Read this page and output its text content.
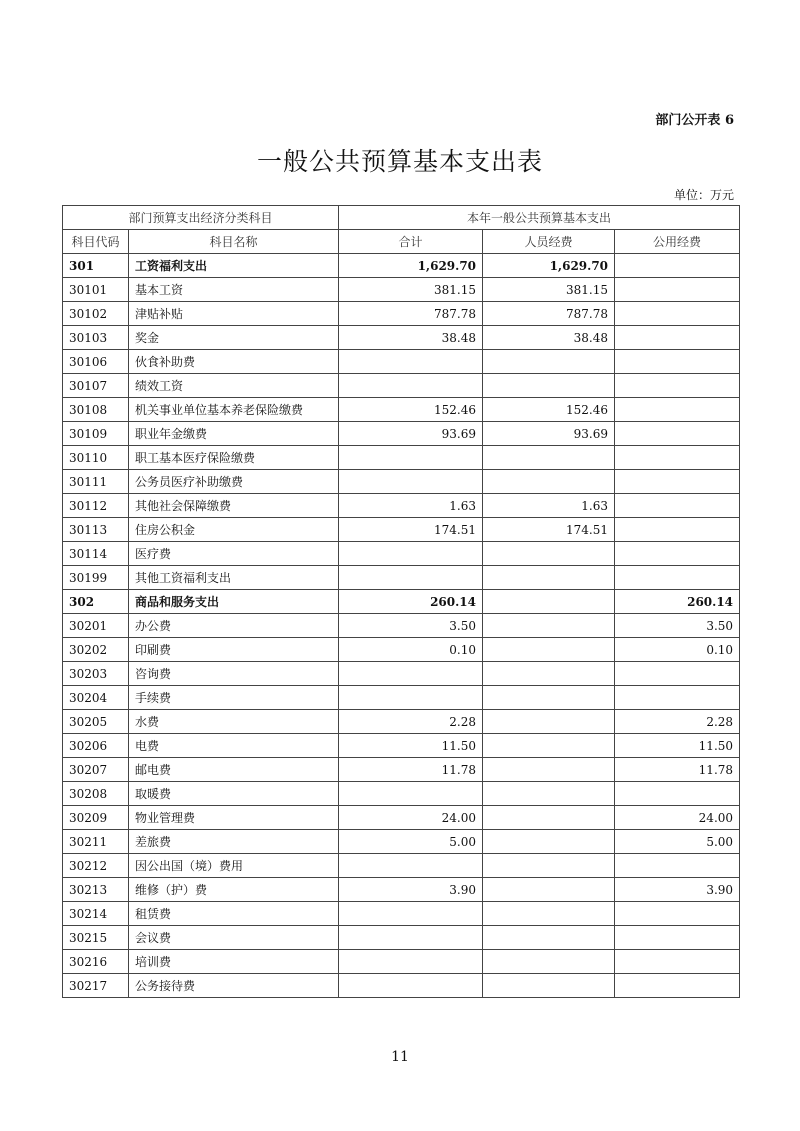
部门公开表 6
一般公共预算基本支出表
单位：万元
部门预算支出经济分类科目		本年一般公共预算基本支出		
科目代码	科目名称	合计	人员经费	公用经费
301	工资福利支出	1,629.70	1,629.70	
30101	基本工资	381.15	381.15	
30102	津贴补贴	787.78	787.78	
30103	奖金	38.48	38.48	
30106	伙食补助费			
30107	绩效工资			
30108	机关事业单位基本养老保险缴费	152.46	152.46	
30109	职业年金缴费	93.69	93.69	
30110	职工基本医疗保险缴费			
30111	公务员医疗补助缴费			
30112	其他社会保障缴费	1.63	1.63	
30113	住房公积金	174.51	174.51	
30114	医疗费			
30199	其他工资福利支出			
302	商品和服务支出	260.14		260.14
30201	办公费	3.50		3.50
30202	印刷费	0.10		0.10
30203	咨询费			
30204	手续费			
30205	水费	2.28		2.28
30206	电费	11.50		11.50
30207	邮电费	11.78		11.78
30208	取暖费			
30209	物业管理费	24.00		24.00
30211	差旅费	5.00		5.00
30212	因公出国（境）费用			
30213	维修（护）费	3.90		3.90
30214	租赁费			
30215	会议费			
30216	培训费			
30217	公务接待费			
11
